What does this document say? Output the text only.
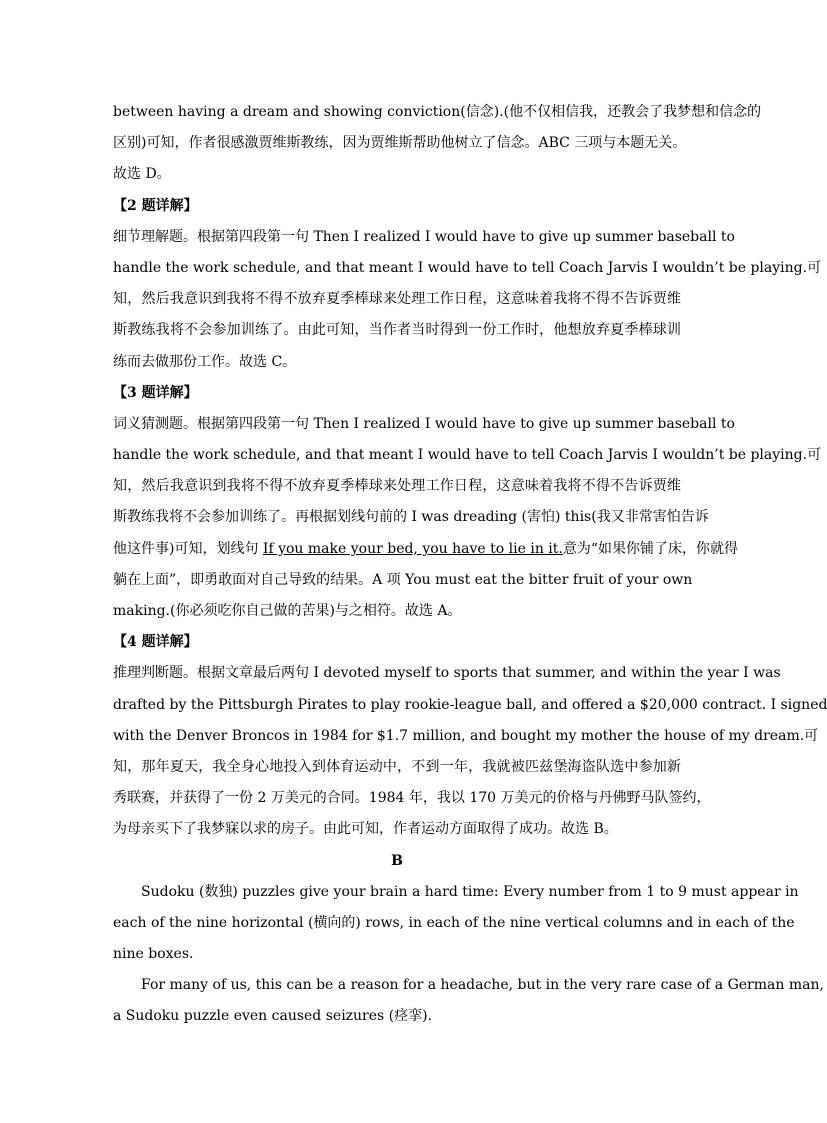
between having a dream and showing conviction(信念).(他不仅相信我，还教会了我梦想和信念的
区别)可知，作者很感激贾维斯教练，因为贾维斯帮助他树立了信念。ABC 三项与本题无关。
故选 D。
【2 题详解】
细节理解题。根据第四段第一句 Then I realized I would have to give up summer baseball to
handle the work schedule, and that meant I would have to tell Coach Jarvis I wouldn’t be playing.可
知，然后我意识到我将不得不放弃夏季棒球来处理工作日程，这意味着我将不得不告诉贾维
斯教练我将不会参加训练了。由此可知，当作者当时得到一份工作时，他想放弃夏季棒球训
练而去做那份工作。故选 C。
【3 题详解】
词义猜测题。根据第四段第一句 Then I realized I would have to give up summer baseball to
handle the work schedule, and that meant I would have to tell Coach Jarvis I wouldn’t be playing.可
知，然后我意识到我将不得不放弃夏季棒球来处理工作日程，这意味着我将不得不告诉贾维
斯教练我将不会参加训练了。再根据划线句前的 I was dreading (害怕) this(我又非常害怕告诉
他这件事)可知，划线句 If you make your bed, you have to lie in it.意为“如果你铺了床，你就得
躺在上面”，即勇敢面对自己导致的结果。A 项 You must eat the bitter fruit of your own
making.(你必须吃你自己做的苦果)与之相符。故选 A。
【4 题详解】
推理判断题。根据文章最后两句 I devoted myself to sports that summer, and within the year I was
drafted by the Pittsburgh Pirates to play rookie-league ball, and offered a $20,000 contract. I signed
with the Denver Broncos in 1984 for $1.7 million, and bought my mother the house of my dream.可
知，那年夏天，我全身心地投入到体育运动中，不到一年，我就被匹兹堡海盗队选中参加新
秀联赛，并获得了一份 2 万美元的合同。1984 年，我以 170 万美元的价格与丹佛野马队签约，
为母亲买下了我梦寐以求的房子。由此可知，作者运动方面取得了成功。故选 B。
B
Sudoku (数独) puzzles give your brain a hard time: Every number from 1 to 9 must appear in
each of the nine horizontal (横向的) rows, in each of the nine vertical columns and in each of the
nine boxes.
For many of us, this can be a reason for a headache, but in the very rare case of a German man,
a Sudoku puzzle even caused seizures (痉挛).
